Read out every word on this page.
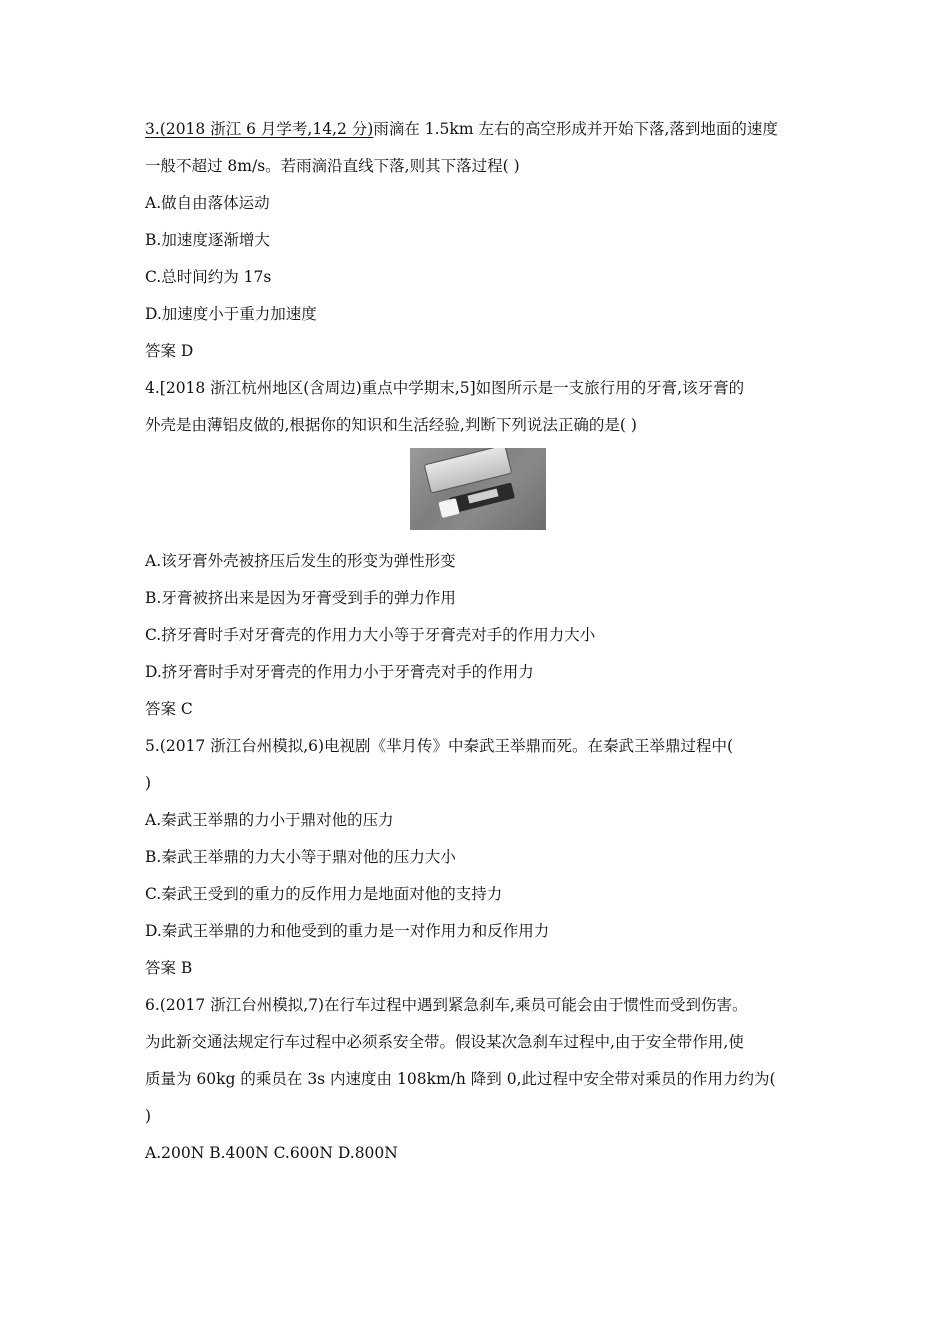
3.(2018 浙江 6 月学考,14,2 分)雨滴在 1.5km 左右的高空形成并开始下落,落到地面的速度

一般不超过 8m/s。若雨滴沿直线下落,则其下落过程( )

A.做自由落体运动

B.加速度逐渐增大

C.总时间约为 17s

D.加速度小于重力加速度

答案 D

4.[2018 浙江杭州地区(含周边)重点中学期末,5]如图所示是一支旅行用的牙膏,该牙膏的

外壳是由薄铝皮做的,根据你的知识和生活经验,判断下列说法正确的是( )

A.该牙膏外壳被挤压后发生的形变为弹性形变

B.牙膏被挤出来是因为牙膏受到手的弹力作用

C.挤牙膏时手对牙膏壳的作用力大小等于牙膏壳对手的作用力大小

D.挤牙膏时手对牙膏壳的作用力小于牙膏壳对手的作用力

答案 C

5.(2017 浙江台州模拟,6)电视剧《芈月传》中秦武王举鼎而死。在秦武王举鼎过程中(

)

A.秦武王举鼎的力小于鼎对他的压力

B.秦武王举鼎的力大小等于鼎对他的压力大小

C.秦武王受到的重力的反作用力是地面对他的支持力

D.秦武王举鼎的力和他受到的重力是一对作用力和反作用力

答案 B

6.(2017 浙江台州模拟,7)在行车过程中遇到紧急刹车,乘员可能会由于惯性而受到伤害。

为此新交通法规定行车过程中必须系安全带。假设某次急刹车过程中,由于安全带作用,使

质量为 60kg 的乘员在 3s 内速度由 108km/h 降到 0,此过程中安全带对乘员的作用力约为(

)

A.200N B.400N C.600N D.800N
